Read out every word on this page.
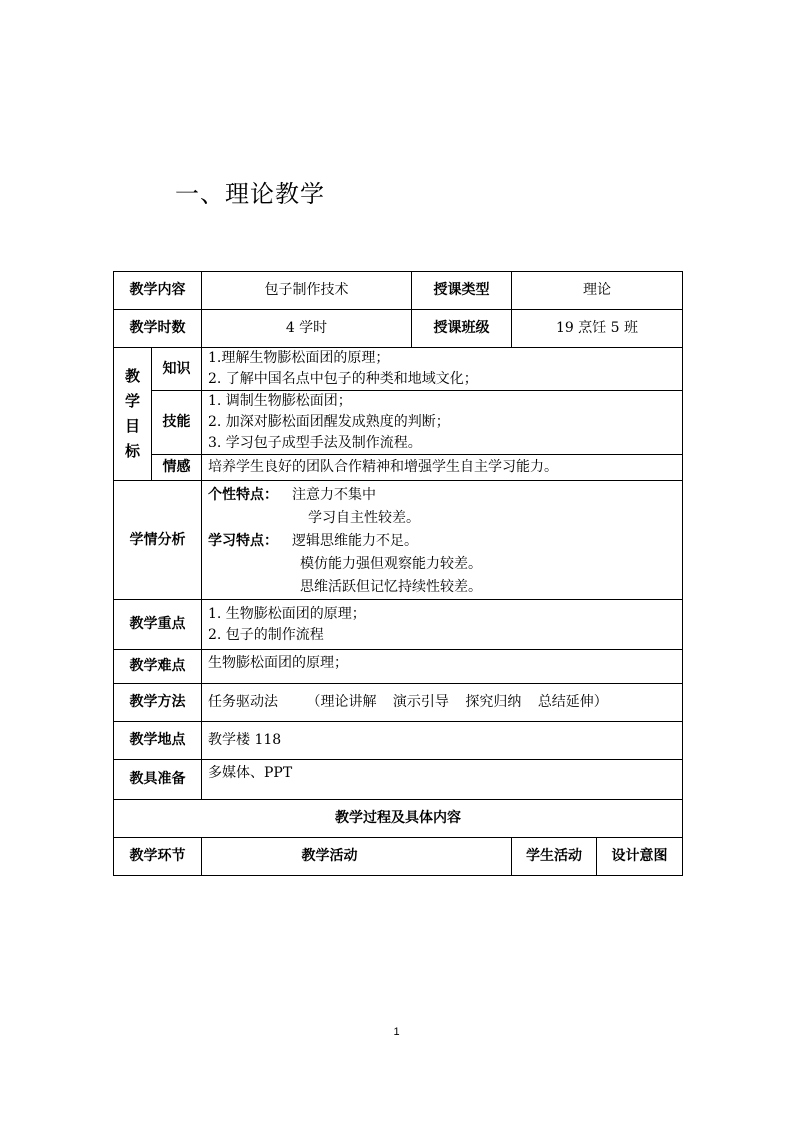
一、理论教学
教学内容		包子制作技术	授课类型	理论	
教学时数		4 学时	授课班级	19 烹饪 5 班	

教
学
目
标	知识	1.理解生物膨松面团的原理；
2. 了解中国名点中包子的种类和地域文化；			

	技能	1. 调制生物膨松面团；
2. 加深对膨松面团醒发成熟度的判断；
3. 学习包子成型手法及制作流程。			

	情感	培养学生良好的团队合作精神和增强学生自主学习能力。			
学情分析		个性特点： 注意力不集中
学习自主性较差。
学习特点： 逻辑思维能力不足。
模仿能力强但观察能力较差。
思维活跃但记忆持续性较差。			

教学重点		1. 生物膨松面团的原理；
2. 包子的制作流程			

教学难点		生物膨松面团的原理；			
教学方法		任务驱动法 （理论讲解 演示引导 探究归纳 总结延伸）			
教学地点		教学楼 118			
教具准备		多媒体、PPT			
教学过程及具体内容					
教学环节		教学活动		学生活动	设计意图
1
